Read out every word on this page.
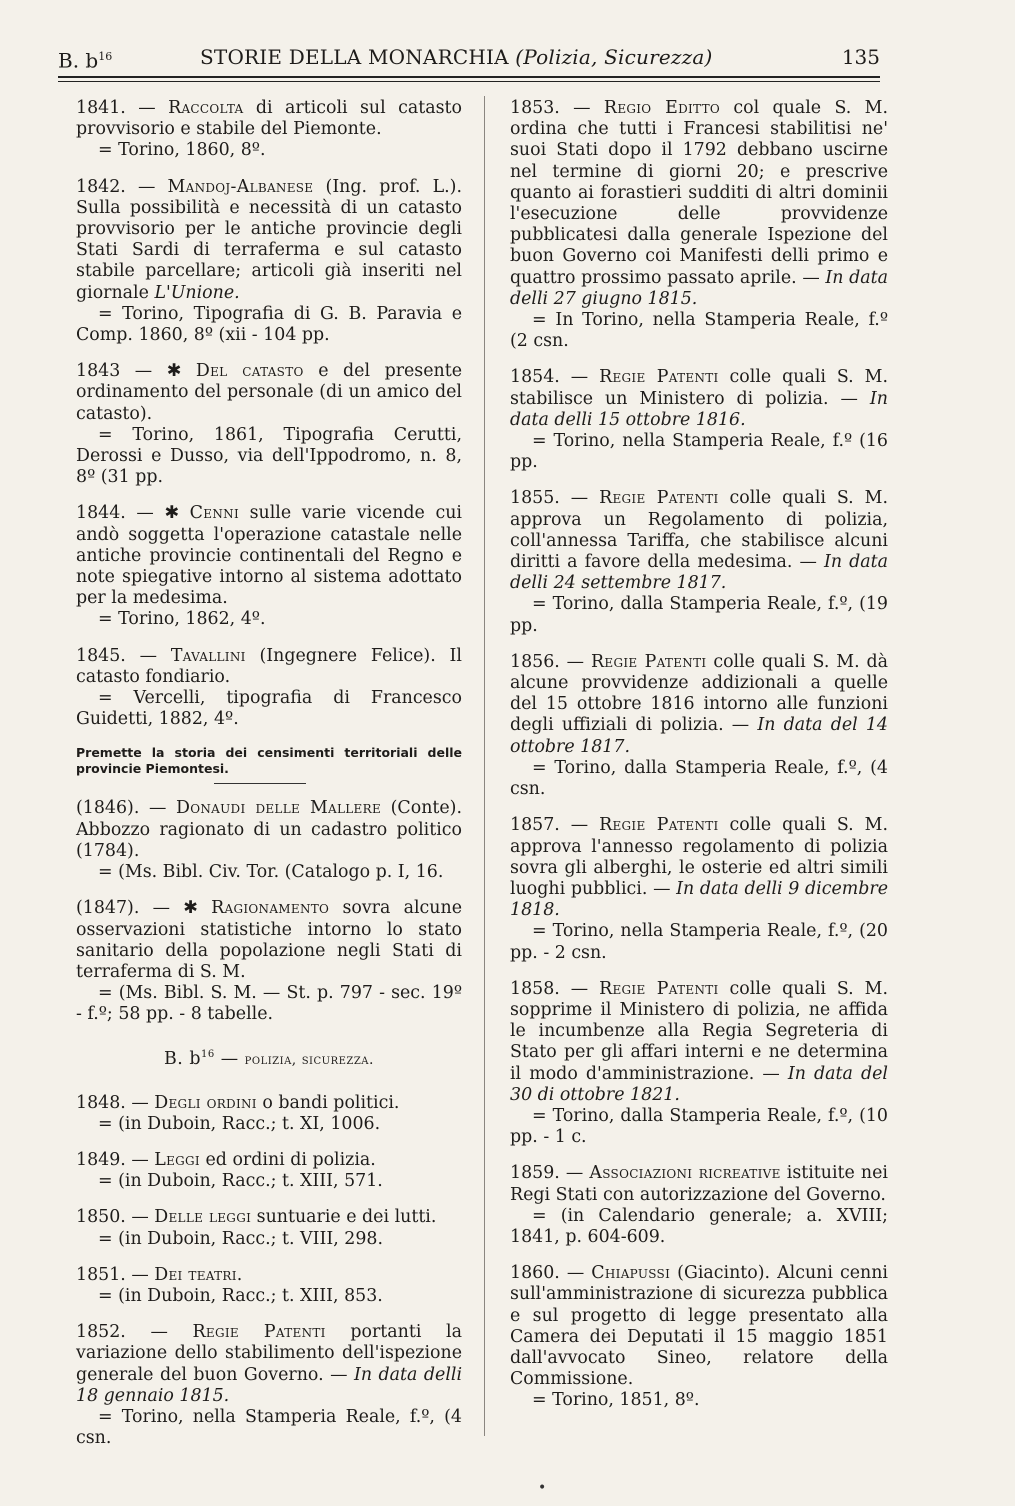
B. $b^{16}$	STORIE DELLA MONARCHIA (Polizia, Sicurezza)	135
1841. — Raccolta di articoli sul catasto provvisorio e stabile del Piemonte.
= Torino, 1860, 8º.
1842. — Mandoj-Albanese (Ing. prof. L.). Sulla possibilità e necessità di un catasto provvisorio per le antiche provincie degli Stati Sardi di terraferma e sul catasto stabile parcellare; articoli già inseriti nel giornale L'Unione.
= Torino, Tipografia di G. B. Paravia e Comp. 1860, 8º (xii - 104 pp.
1843 — ✱ Del catasto e del presente ordinamento del personale (di un amico del catasto).
= Torino, 1861, Tipografia Cerutti, Derossi e Dusso, via dell'Ippodromo, n. 8, 8º (31 pp.
1844. — ✱ Cenni sulle varie vicende cui andò soggetta l'operazione catastale nelle antiche provincie continentali del Regno e note spiegative intorno al sistema adottato per la medesima.
= Torino, 1862, 4º.
1845. — Tavallini (Ingegnere Felice). Il catasto fondiario.
= Vercelli, tipografia di Francesco Guidetti, 1882, 4º.
Premette la storia dei censimenti territoriali delle provincie Piemontesi.
(1846). — Donaudi delle Mallere (Conte). Abbozzo ragionato di un cadastro politico (1784).
= (Ms. Bibl. Civ. Tor. (Catalogo p. I, 16.
(1847). — ✱ Ragionamento sovra alcune osservazioni statistiche intorno lo stato sanitario della popolazione negli Stati di terraferma di S. M.
= (Ms. Bibl. S. M. — St. p. 797 - sec. 19º - f.º; 58 pp. - 8 tabelle.
B. $b^{16}$ — polizia, sicurezza.
1848. — Degli ordini o bandi politici.
= (in Duboin, Racc.; t. XI, 1006.
1849. — Leggi ed ordini di polizia.
= (in Duboin, Racc.; t. XIII, 571.
1850. — Delle leggi suntuarie e dei lutti.
= (in Duboin, Racc.; t. VIII, 298.
1851. — Dei teatri.
= (in Duboin, Racc.; t. XIII, 853.
1852. — Regie Patenti portanti la variazione dello stabilimento dell'ispezione generale del buon Governo. — In data delli 18 gennaio 1815.
= Torino, nella Stamperia Reale, f.º, (4 csn.
1853. — Regio Editto col quale S. M. ordina che tutti i Francesi stabilitisi ne' suoi Stati dopo il 1792 debbano uscirne nel termine di giorni 20; e prescrive quanto ai forastieri sudditi di altri dominii l'esecuzione delle provvidenze pubblicatesi dalla generale Ispezione del buon Governo coi Manifesti delli primo e quattro prossimo passato aprile. — In data delli 27 giugno 1815.
= In Torino, nella Stamperia Reale, f.º (2 csn.
1854. — Regie Patenti colle quali S. M. stabilisce un Ministero di polizia. — In data delli 15 ottobre 1816.
= Torino, nella Stamperia Reale, f.º (16 pp.
1855. — Regie Patenti colle quali S. M. approva un Regolamento di polizia, coll'annessa Tariffa, che stabilisce alcuni diritti a favore della medesima. — In data delli 24 settembre 1817.
= Torino, dalla Stamperia Reale, f.º, (19 pp.
1856. — Regie Patenti colle quali S. M. dà alcune provvidenze addizionali a quelle del 15 ottobre 1816 intorno alle funzioni degli uffiziali di polizia. — In data del 14 ottobre 1817.
= Torino, dalla Stamperia Reale, f.º, (4 csn.
1857. — Regie Patenti colle quali S. M. approva l'annesso regolamento di polizia sovra gli alberghi, le osterie ed altri simili luoghi pubblici. — In data delli 9 dicembre 1818.
= Torino, nella Stamperia Reale, f.º, (20 pp. - 2 csn.
1858. — Regie Patenti colle quali S. M. sopprime il Ministero di polizia, ne affida le incumbenze alla Regia Segreteria di Stato per gli affari interni e ne determina il modo d'amministrazione. — In data del 30 di ottobre 1821.
= Torino, dalla Stamperia Reale, f.º, (10 pp. - 1 c.
1859. — Associazioni ricreative istituite nei Regi Stati con autorizzazione del Governo.
= (in Calendario generale; a. XVIII; 1841, p. 604-609.
1860. — Chiapussi (Giacinto). Alcuni cenni sull'amministrazione di sicurezza pubblica e sul progetto di legge presentato alla Camera dei Deputati il 15 maggio 1851 dall'avvocato Sineo, relatore della Commissione.
= Torino, 1851, 8º.
•
